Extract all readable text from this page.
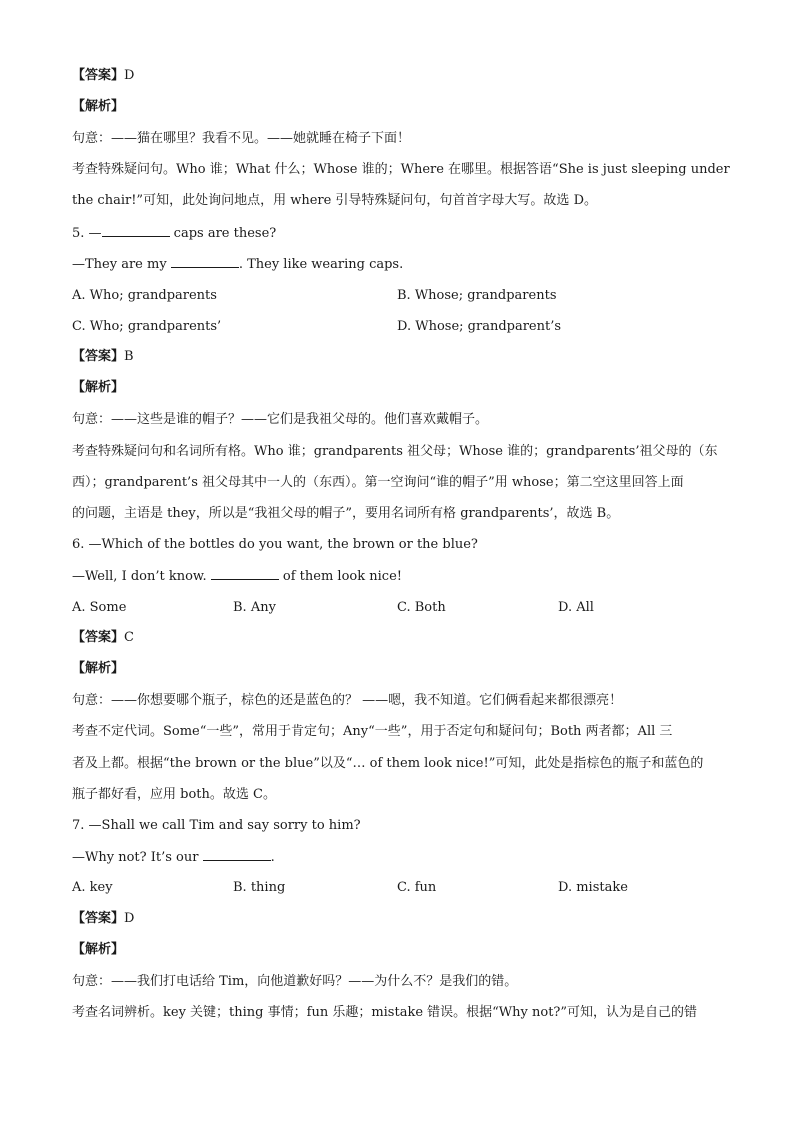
【答案】D
【解析】
句意：——猫在哪里？我看不见。——她就睡在椅子下面！
考查特殊疑问句。Who 谁；What 什么；Whose 谁的；Where 在哪里。根据答语“She is just sleeping under
the chair!”可知，此处询问地点，用 where 引导特殊疑问句，句首首字母大写。故选 D。
5. —	caps are these?
—They are my	. They like wearing caps.
A. Who; grandparents	B. Whose; grandparents
C. Who; grandparents’	D. Whose; grandparent’s
【答案】B
【解析】
句意：——这些是谁的帽子？——它们是我祖父母的。他们喜欢戴帽子。
考查特殊疑问句和名词所有格。Who 谁；grandparents 祖父母；Whose 谁的；grandparents’祖父母的（东
西）；grandparent’s 祖父母其中一人的（东西）。第一空询问“谁的帽子”用 whose；第二空这里回答上面
的问题，主语是 they，所以是“我祖父母的帽子”，要用名词所有格 grandparents’，故选 B。
6. —Which of the bottles do you want, the brown or the blue?
—Well, I don’t know.	of them look nice!
A. Some	B. Any	C. Both	D. All
【答案】C
【解析】
句意：——你想要哪个瓶子，棕色的还是蓝色的？ ——嗯，我不知道。它们俩看起来都很漂亮！
考查不定代词。Some“一些”，常用于肯定句；Any“一些”，用于否定句和疑问句；Both 两者都；All 三
者及上都。根据“the brown or the blue”以及“… of them look nice!”可知，此处是指棕色的瓶子和蓝色的
瓶子都好看，应用 both。故选 C。
7. —Shall we call Tim and say sorry to him?
—Why not? It’s our	.
A. key	B. thing	C. fun	D. mistake
【答案】D
【解析】
句意：——我们打电话给 Tim，向他道歉好吗？——为什么不？是我们的错。
考查名词辨析。key 关键；thing 事情；fun 乐趣；mistake 错误。根据“Why not?”可知，认为是自己的错
